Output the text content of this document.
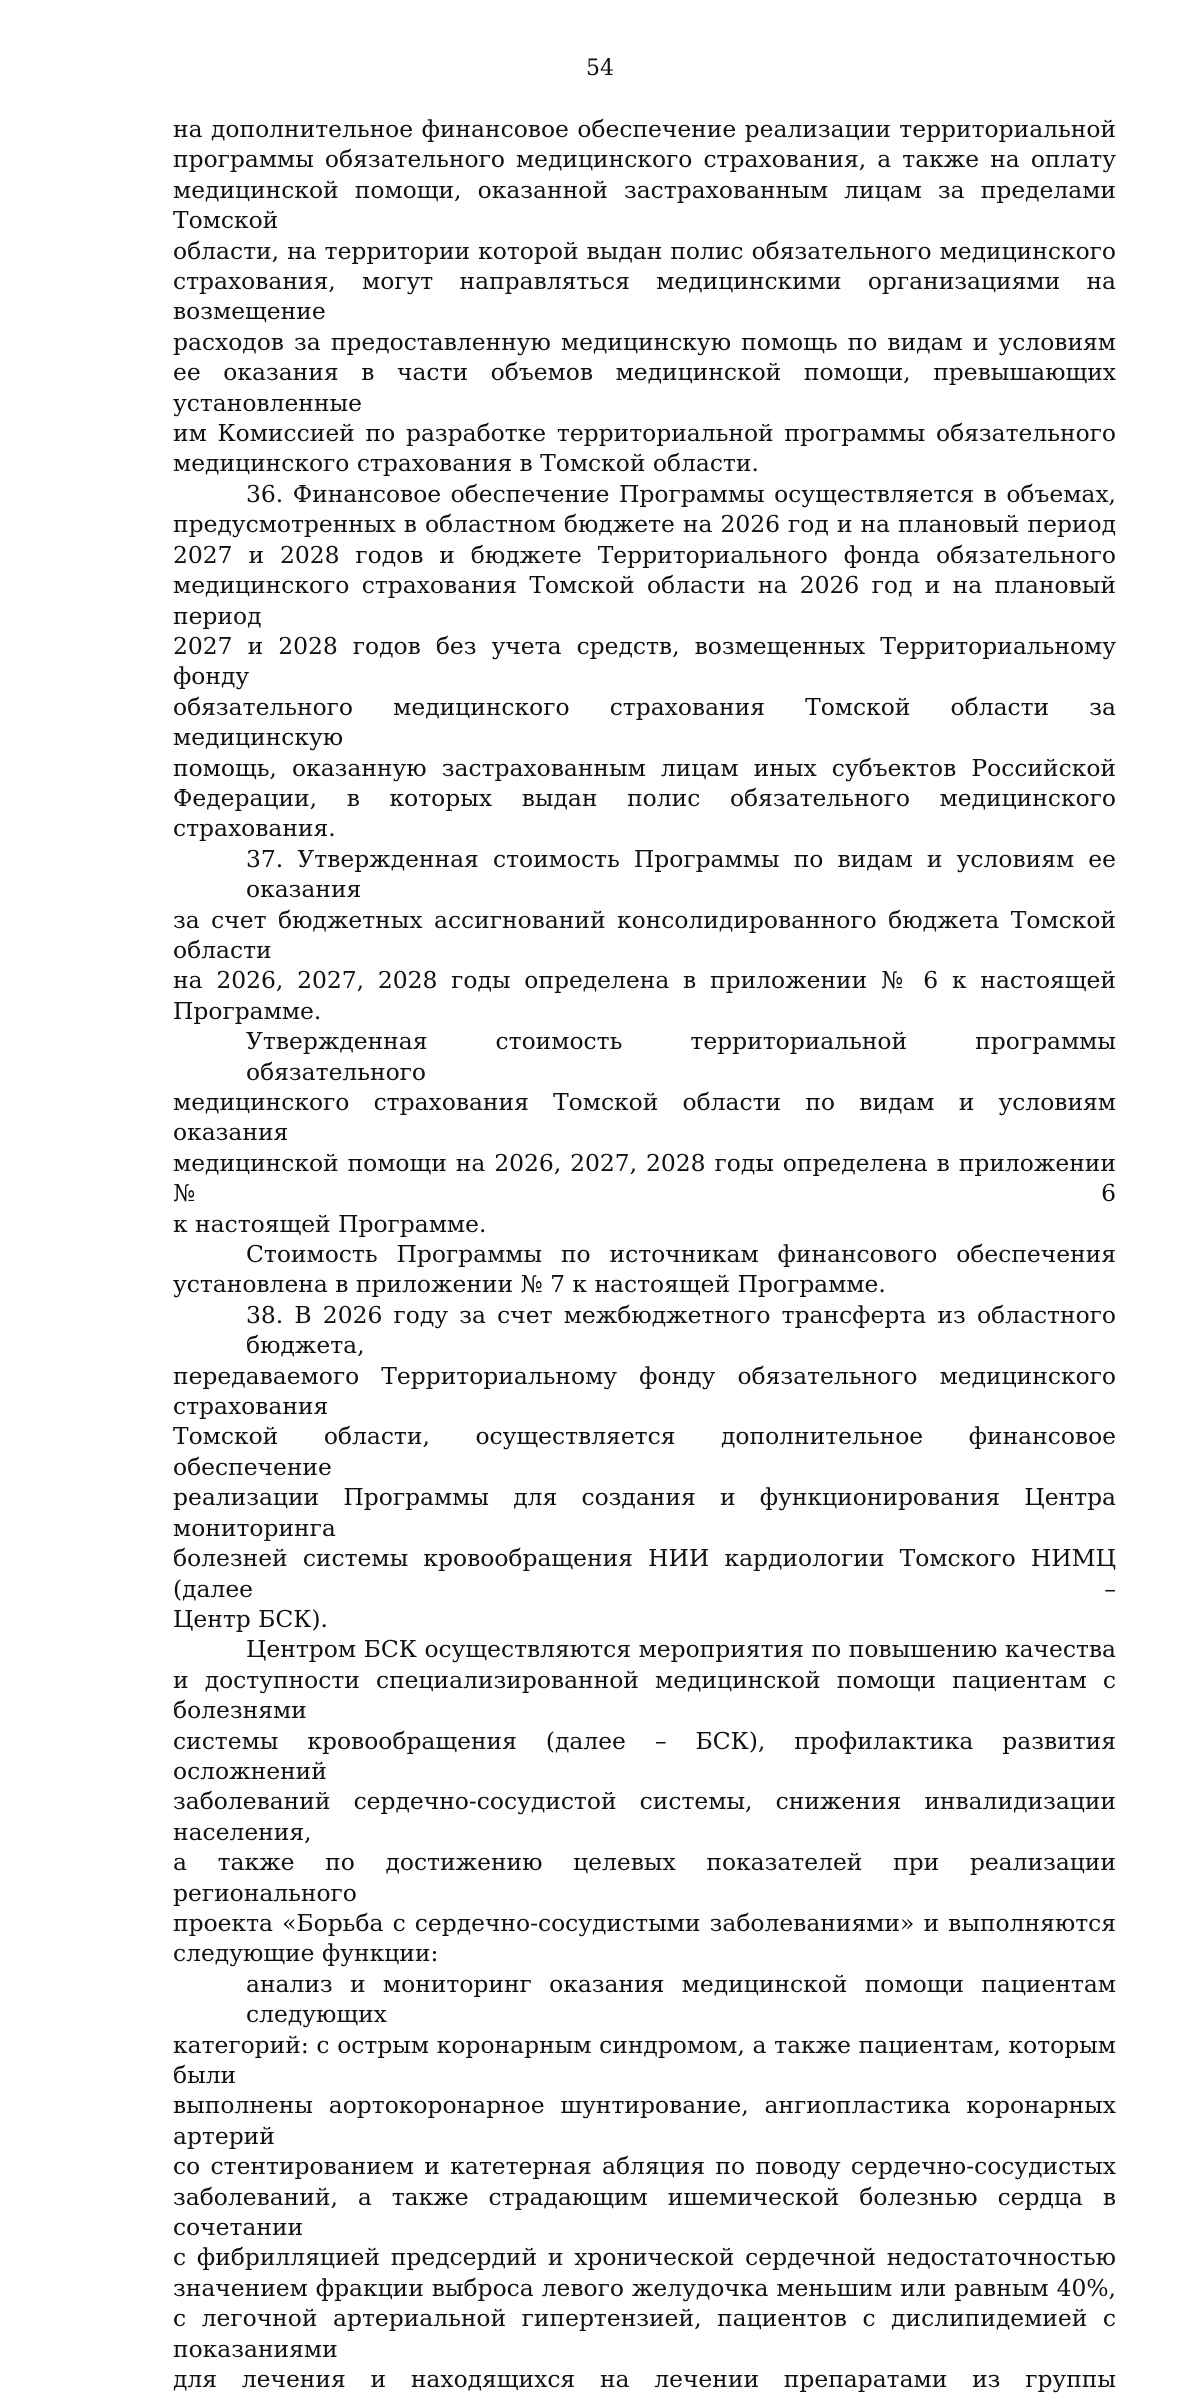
54

на дополнительное финансовое обеспечение реализации территориальной
программы обязательного медицинского страхования, а также на оплату
медицинской помощи, оказанной застрахованным лицам за пределами Томской
области, на территории которой выдан полис обязательного медицинского
страхования, могут направляться медицинскими организациями на возмещение
расходов за предоставленную медицинскую помощь по видам и условиям
ее оказания в части объемов медицинской помощи, превышающих установленные
им Комиссией по разработке территориальной программы обязательного
медицинского страхования в Томской области.

36. Финансовое обеспечение Программы осуществляется в объемах,
предусмотренных в областном бюджете на 2026 год и на плановый период
2027 и 2028 годов и бюджете Территориального фонда обязательного
медицинского страхования Томской области на 2026 год и на плановый период
2027 и 2028 годов без учета средств, возмещенных Территориальному фонду
обязательного медицинского страхования Томской области за медицинскую
помощь, оказанную застрахованным лицам иных субъектов Российской
Федерации, в которых выдан полис обязательного медицинского страхования.

37. Утвержденная стоимость Программы по видам и условиям ее оказания
за счет бюджетных ассигнований консолидированного бюджета Томской области
на 2026, 2027, 2028 годы определена в приложении № 6 к настоящей Программе.

Утвержденная стоимость территориальной программы обязательного
медицинского страхования Томской области по видам и условиям оказания
медицинской помощи на 2026, 2027, 2028 годы определена в приложении № 6
к настоящей Программе.

Стоимость Программы по источникам финансового обеспечения
установлена в приложении № 7 к настоящей Программе.

38. В 2026 году за счет межбюджетного трансферта из областного бюджета,
передаваемого Территориальному фонду обязательного медицинского страхования
Томской области, осуществляется дополнительное финансовое обеспечение
реализации Программы для создания и функционирования Центра мониторинга
болезней системы кровообращения НИИ кардиологии Томского НИМЦ (далее –
Центр БСК).

Центром БСК осуществляются мероприятия по повышению качества
и доступности специализированной медицинской помощи пациентам с болезнями
системы кровообращения (далее – БСК), профилактика развития осложнений
заболеваний сердечно-сосудистой системы, снижения инвалидизации населения,
а также по достижению целевых показателей при реализации регионального
проекта «Борьба с сердечно-сосудистыми заболеваниями» и выполняются
следующие функции:

анализ и мониторинг оказания медицинской помощи пациентам следующих
категорий: с острым коронарным синдромом, а также пациентам, которым были
выполнены аортокоронарное шунтирование, ангиопластика коронарных артерий
со стентированием и катетерная абляция по поводу сердечно-сосудистых
заболеваний, а также страдающим ишемической болезнью сердца в сочетании
с фибрилляцией предсердий и хронической сердечной недостаточностью
значением фракции выброса левого желудочка меньшим или равным 40%,
с легочной артериальной гипертензией, пациентов с дислипидемией с показаниями
для лечения и находящихся на лечении препаратами из группы
